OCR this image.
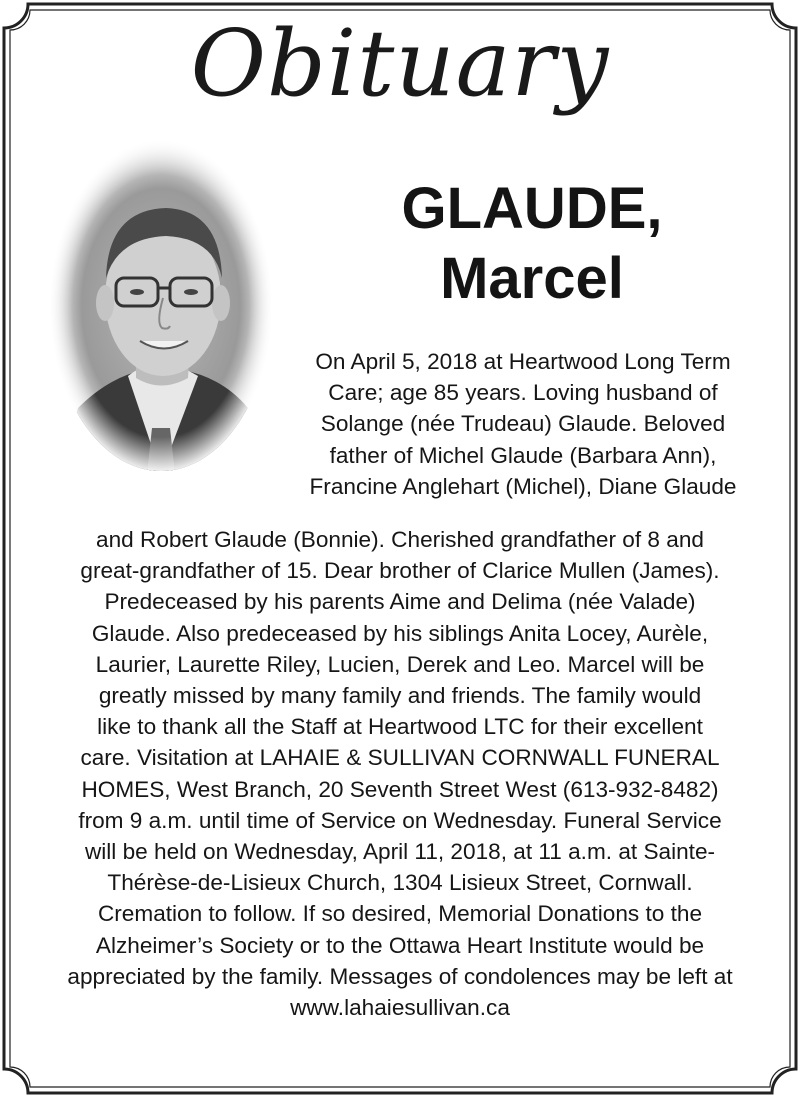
Obituary
GLAUDE,
Marcel
On April 5, 2018 at Heartwood Long Term
Care; age 85 years. Loving husband of
Solange (née Trudeau) Glaude. Beloved
father of Michel Glaude (Barbara Ann),
Francine Anglehart (Michel), Diane Glaude
and Robert Glaude (Bonnie). Cherished grandfather of 8 and
great-grandfather of 15. Dear brother of Clarice Mullen (James).
Predeceased by his parents Aime and Delima (née Valade)
Glaude. Also predeceased by his siblings Anita Locey, Aurèle,
Laurier, Laurette Riley, Lucien, Derek and Leo. Marcel will be
greatly missed by many family and friends. The family would
like to thank all the Staff at Heartwood LTC for their excellent
care. Visitation at LAHAIE & SULLIVAN CORNWALL FUNERAL
HOMES, West Branch, 20 Seventh Street West (613-932-8482)
from 9 a.m. until time of Service on Wednesday. Funeral Service
will be held on Wednesday, April 11, 2018, at 11 a.m. at Sainte-
Thérèse-de-Lisieux Church, 1304 Lisieux Street, Cornwall.
Cremation to follow. If so desired, Memorial Donations to the
Alzheimer’s Society or to the Ottawa Heart Institute would be
appreciated by the family. Messages of condolences may be left at
www.lahaiesullivan.ca
